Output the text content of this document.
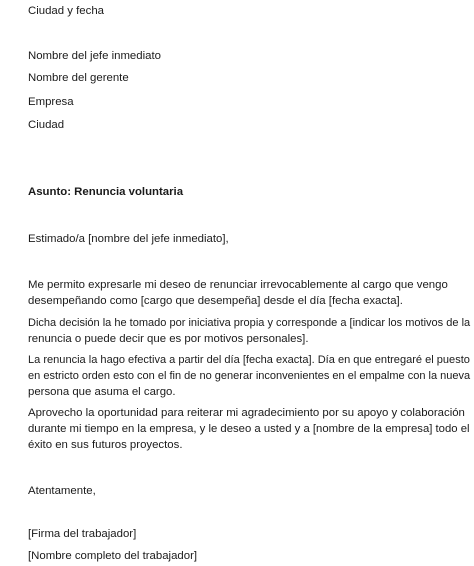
Ciudad y fecha
Nombre del jefe inmediato
Nombre del gerente
Empresa
Ciudad
Asunto: Renuncia voluntaria
Estimado/a [nombre del jefe inmediato],
Me permito expresarle mi deseo de renunciar irrevocablemente al cargo que vengo
desempeñando como [cargo que desempeña] desde el día [fecha exacta].
Dicha decisión la he tomado por iniciativa propia y corresponde a [indicar los motivos de la
renuncia o puede decir que es por motivos personales].
La renuncia la hago efectiva a partir del día [fecha exacta]. Día en que entregaré el puesto
en estricto orden esto con el fin de no generar inconvenientes en el empalme con la nueva
persona que asuma el cargo.
Aprovecho la oportunidad para reiterar mi agradecimiento por su apoyo y colaboración
durante mi tiempo en la empresa, y le deseo a usted y a [nombre de la empresa] todo el
éxito en sus futuros proyectos.
Atentamente,
[Firma del trabajador]
[Nombre completo del trabajador]
